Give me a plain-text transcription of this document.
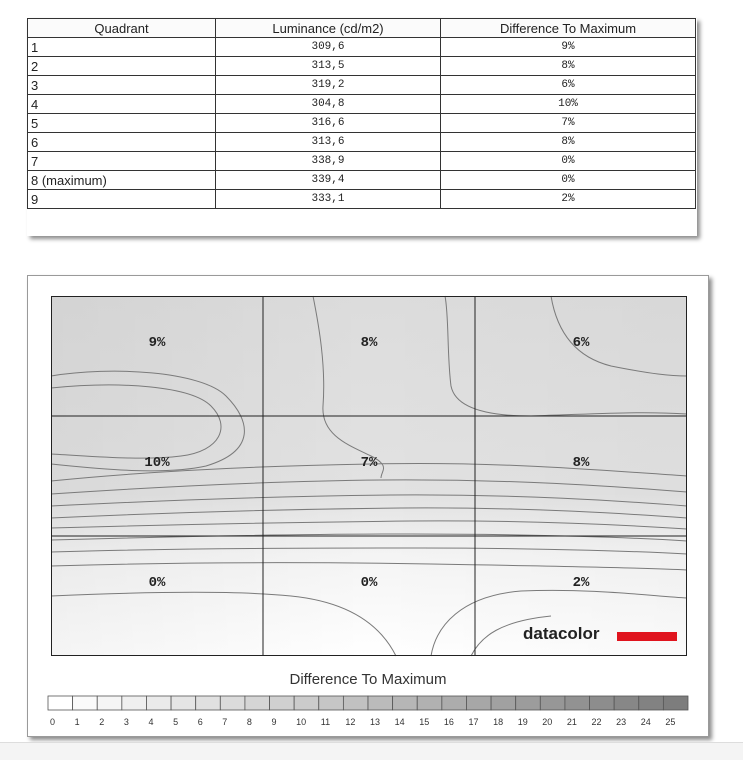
Quadrant	Luminance (cd/m2)	Difference To Maximum
1	309,6	9%
2	313,5	8%
3	319,2	6%
4	304,8	10%
5	316,6	7%
6	313,6	8%
7	338,9	0%
8 (maximum)	339,4	0%
9	333,1	2%
9%	8%	6%
10%	7%	8%
0%	0%	2%
datacolor
0 1 2 3 4 5 6 7 8 9 10 11 12 13 14 15 16 17 18 19 20 21 22 23 24 25
Difference To Maximum
